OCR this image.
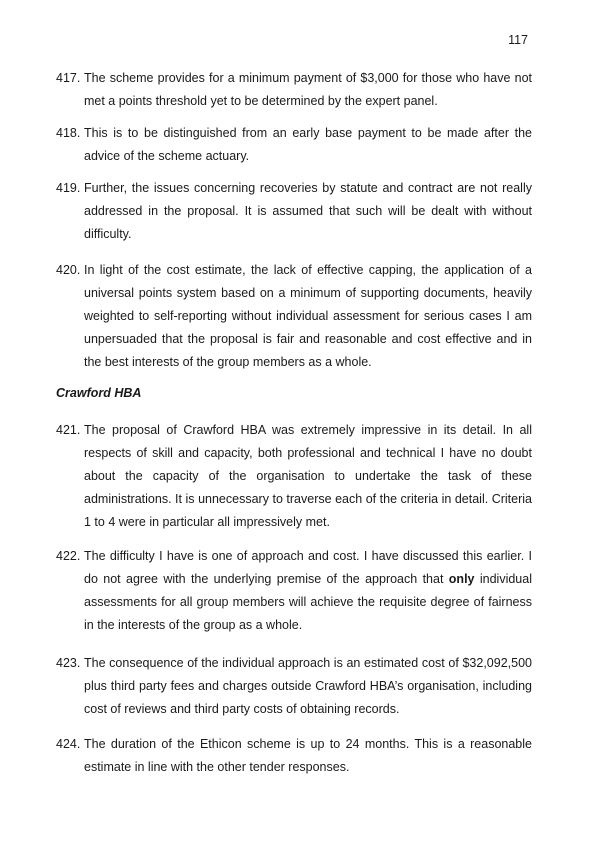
117
417. The scheme provides for a minimum payment of $3,000 for those who have not met a points threshold yet to be determined by the expert panel.
418. This is to be distinguished from an early base payment to be made after the advice of the scheme actuary.
419. Further, the issues concerning recoveries by statute and contract are not really addressed in the proposal. It is assumed that such will be dealt with without difficulty.
420. In light of the cost estimate, the lack of effective capping, the application of a universal points system based on a minimum of supporting documents, heavily weighted to self-reporting without individual assessment for serious cases I am unpersuaded that the proposal is fair and reasonable and cost effective and in the best interests of the group members as a whole.
Crawford HBA
421. The proposal of Crawford HBA was extremely impressive in its detail. In all respects of skill and capacity, both professional and technical I have no doubt about the capacity of the organisation to undertake the task of these administrations. It is unnecessary to traverse each of the criteria in detail. Criteria 1 to 4 were in particular all impressively met.
422. The difficulty I have is one of approach and cost. I have discussed this earlier. I do not agree with the underlying premise of the approach that only individual assessments for all group members will achieve the requisite degree of fairness in the interests of the group as a whole.
423. The consequence of the individual approach is an estimated cost of $32,092,500 plus third party fees and charges outside Crawford HBA’s organisation, including cost of reviews and third party costs of obtaining records.
424. The duration of the Ethicon scheme is up to 24 months. This is a reasonable estimate in line with the other tender responses.
